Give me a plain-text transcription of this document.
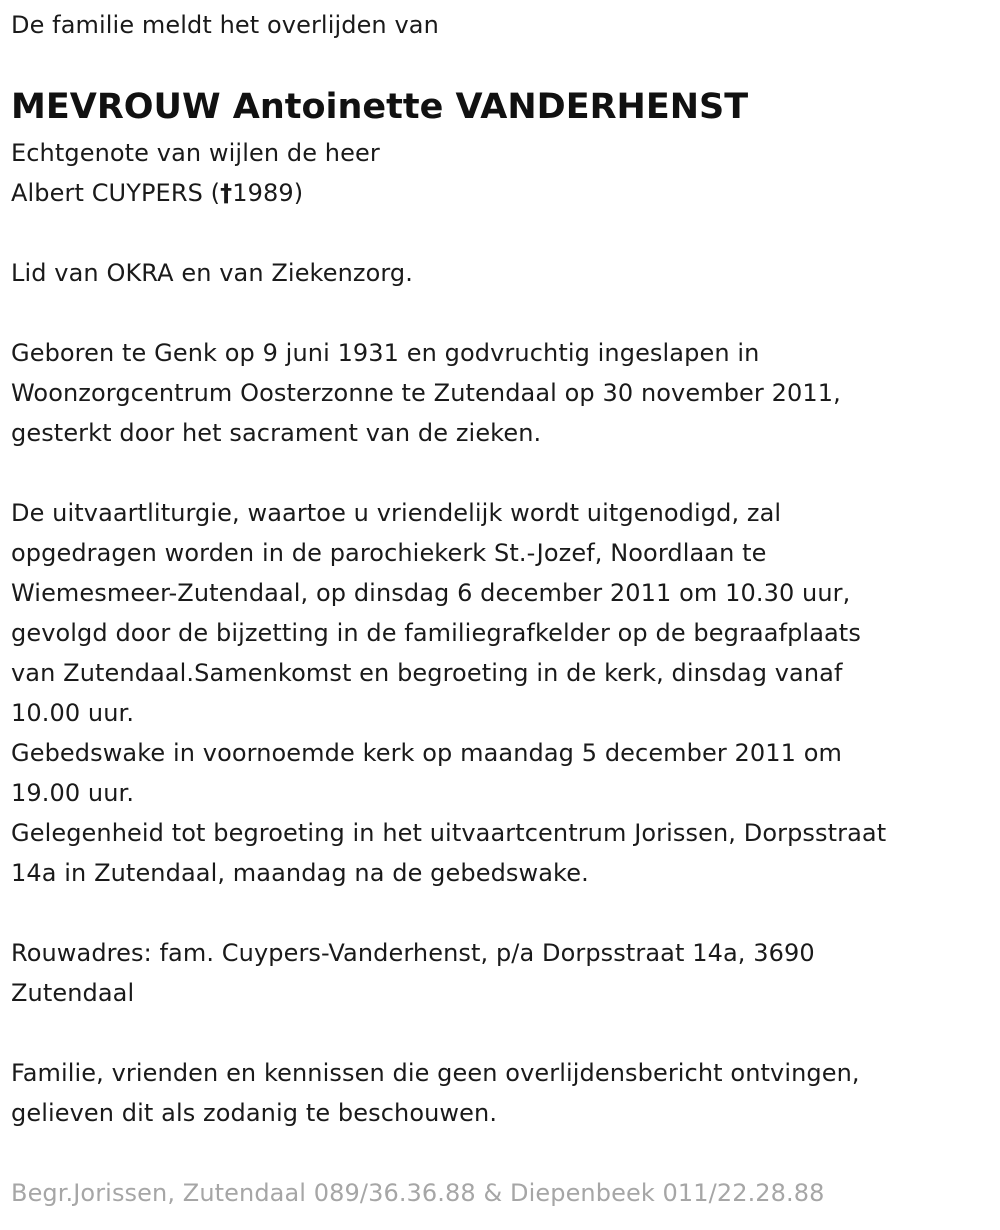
De familie meldt het overlijden van
MEVROUW Antoinette VANDERHENST
Echtgenote van wijlen de heer
Albert CUYPERS (†1989)
Lid van OKRA en van Ziekenzorg.
Geboren te Genk op 9 juni 1931 en godvruchtig ingeslapen in
Woonzorgcentrum Oosterzonne te Zutendaal op 30 november 2011,
gesterkt door het sacrament van de zieken.
De uitvaartliturgie, waartoe u vriendelijk wordt uitgenodigd, zal
opgedragen worden in de parochiekerk St.-Jozef, Noordlaan te
Wiemesmeer-Zutendaal, op dinsdag 6 december 2011 om 10.30 uur,
gevolgd door de bijzetting in de familiegrafkelder op de begraafplaats
van Zutendaal.Samenkomst en begroeting in de kerk, dinsdag vanaf
10.00 uur.
Gebedswake in voornoemde kerk op maandag 5 december 2011 om
19.00 uur.
Gelegenheid tot begroeting in het uitvaartcentrum Jorissen, Dorpsstraat
14a in Zutendaal, maandag na de gebedswake.
Rouwadres: fam. Cuypers-Vanderhenst, p/a Dorpsstraat 14a, 3690
Zutendaal
Familie, vrienden en kennissen die geen overlijdensbericht ontvingen,
gelieven dit als zodanig te beschouwen.
Begr.Jorissen, Zutendaal 089/36.36.88 & Diepenbeek 011/22.28.88
